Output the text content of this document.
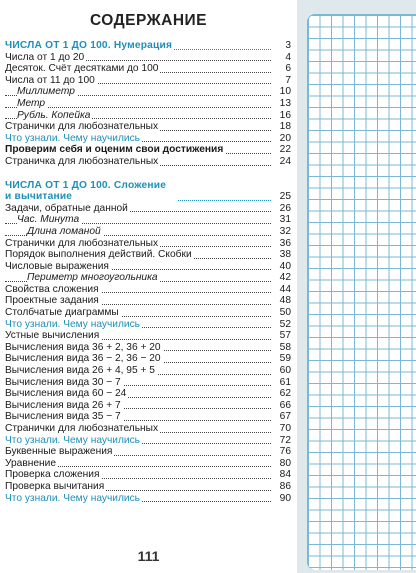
СОДЕРЖАНИЕ
ЧИСЛА ОТ 1 ДО 100. Нумерация	3
Числа от 1 до 20	4
Десяток. Счёт десятками до 100	6
Числа от 11 до 100	7
Миллиметр	10
Метр	13
Рубль. Копейка	16
Странички для любознательных	18
Что узнали. Чему научились	20
Проверим себя и оценим свои достижения	22
Страничка для любознательных	24
ЧИСЛА ОТ 1 ДО 100. Сложение и вычитание	25
Задачи, обратные данной	26
Час. Минута	31
Длина ломаной	32
Странички для любознательных	36
Порядок выполнения действий. Скобки	38
Числовые выражения	40
Периметр многоугольника	42
Свойства сложения	44
Проектные задания	48
Столбчатые диаграммы	50
Что узнали. Чему научились	52
Устные вычисления	57
Вычисления вида 36 + 2, 36 + 20	58
Вычисления вида 36 − 2, 36 − 20	59
Вычисления вида 26 + 4, 95 + 5	60
Вычисления вида 30 − 7	61
Вычисления вида 60 − 24	62
Вычисления вида 26 + 7	66
Вычисления вида 35 − 7	67
Странички для любознательных	70
Что узнали. Чему научились	72
Буквенные выражения	76
Уравнение	80
Проверка сложения	84
Проверка вычитания	86
Что узнали. Чему научились	90
111
